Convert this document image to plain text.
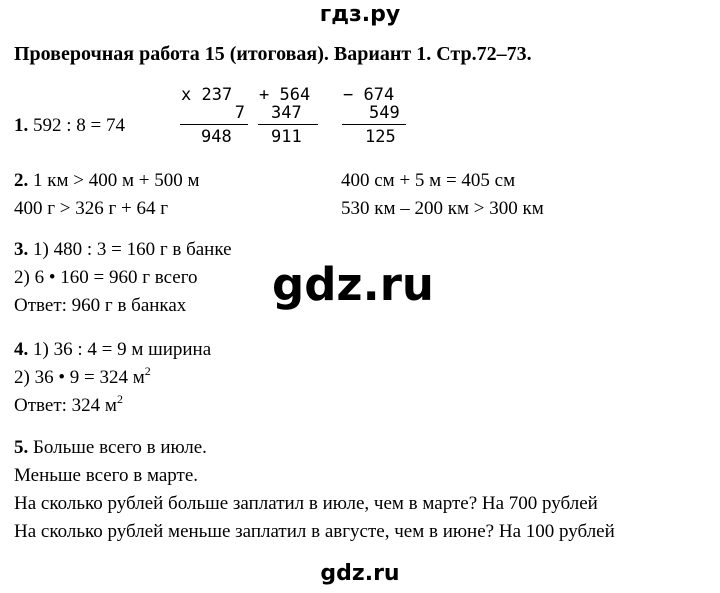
гдз.ру
Проверочная работа 15 (итоговая). Вариант 1. Стр.72–73.
1. 592 : 8 = 74
x 237
7
948
+ 564
347
911
− 674
549
125
2. 1 км > 400 м + 500 м	400 см + 5 м = 405 см
400 г > 326 г + 64 г	530 км – 200 км > 300 км
3. 1) 480 : 3 = 160 г в банке
2) 6 • 160 = 960 г всего
Ответ: 960 г в банках
4. 1) 36 : 4 = 9 м ширина
2) 36 • 9 = 324 $м^2$
Ответ: 324 $м^2$
5. Больше всего в июле.
Меньше всего в марте.
На сколько рублей больше заплатил в июле, чем в марте? На 700 рублей
На сколько рублей меньше заплатил в августе, чем в июне? На 100 рублей
gdz.ru
gdz.ru
